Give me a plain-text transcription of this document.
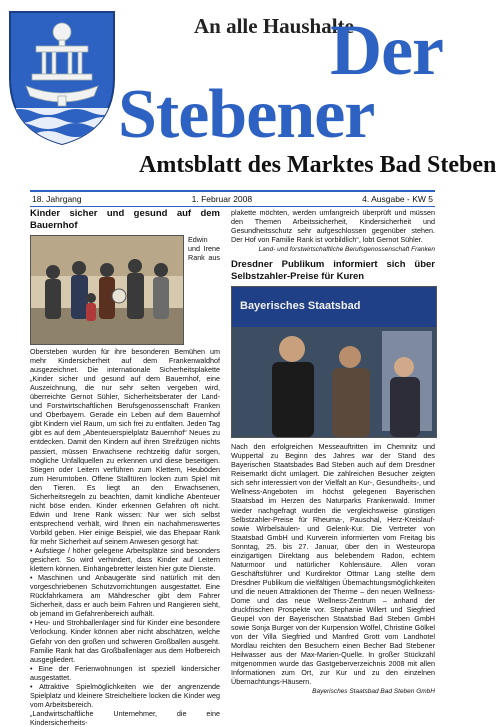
An alle Haushalte
Der
Stebener
Amtsblatt des Marktes Bad Steben
18. Jahrgang	1. Februar 2008	4. Ausgabe - KW 5
Kinder sicher und gesund auf dem Bauernhof

Edwin und Irene Rank aus Obersteben wurden für ihre besonderen Bemühen um mehr Kindersicherheit auf dem Frankenwaldhof ausgezeichnet. Die internationale Sicherheitsplakette „Kinder sicher und gesund auf dem Bauernhof, eine Auszeichnung, die nur sehr selten vergeben wird, überreichte Gernot Sühler, Sicherheitsberater der Land- und Forstwirtschaftlichen Berufsgenossenschaft Franken und Oberbayern. Gerade ein Leben auf dem Bauernhof gibt Kindern viel Raum, um sich frei zu entfalten. Jeden Tag gibt es auf dem „Abenteuerspielplatz Bauernhof“ Neues zu entdecken. Damit den Kindern auf ihren Streifzügen nichts passiert, müssen Erwachsene rechtzeitig dafür sorgen, mögliche Unfallquellen zu erkennen und diese beseitigen. Stiegen oder Leitern verführen zum Klettern, Heuböden zum Herumtoben. Offene Stalltüren locken zum Spiel mit den Tieren. Es liegt an den Erwachsenen, Sicherheitsregeln zu beachten, damit kindliche Abenteuer nicht böse enden. Kinder erkennen Gefahren oft nicht. Edwin und Irene Rank wissen: Nur wer sich selbst entsprechend verhält, wird Ihnen ein nachahmenswertes Vorbild geben. Hier einige Beispiel, wie das Ehepaar Rank für mehr Sicherheit auf seinem Anwesen gesorgt hat:

• Aufstiege / höher gelegene Arbeitsplätze sind besonders gesichert. So wird verhindert, dass Kinder auf Leitern klettern können. Einhängebretter leisten hier gute Dienste.

• Maschinen und Anbaugeräte sind natürlich mit den vorgeschriebenen Schutzvorrichtungen ausgestattet. Eine Rückfahrkamera am Mähdrescher gibt dem Fahrer Sicherheit, dass er auch beim Fahren und Rangieren sieht, ob jemand im Gefahrenbereich aufhält.

• Heu- und Strohballenlager sind für Kinder eine besondere Verlockung. Kinder können aber nicht abschätzen, welche Gefahr von den großen und schweren Großballen ausgeht. Familie Rank hat das Großballenlager aus dem Hofbereich ausgegliedert.

• Eine der Ferienwohnungen ist speziell kindersicher ausgestattet.

• Attraktive Spielmöglichkeiten wie der angrenzende Spielplatz und kleinere Streicheltiere locken die Kinder weg vom Arbeitsbereich.

„Landwirtschaftliche Unternehmer, die eine Kindersicherheits-

plakette möchten, werden umfangreich überprüft und müssen den Themen Arbeitssicherheit, Kindersicherheit und Gesundheitsschutz sehr aufgeschlossen gegenüber stehen. Der Hof von Familie Rank ist vorbildlich“, lobt Gernot Sühler.

Land- und forstwirtschaftliche Berufsgenossenschaft Franken
Dresdner Publikum informiert sich über Selbstzahler-Preise für Kuren
Bayerisches Staatsbad

Nach den erfolgreichen Messeauftritten im Chemnitz und Wuppertal zu Beginn des Jahres war der Stand des Bayerischen Staatsbades Bad Steben auch auf dem Dresdner Reisemarkt dicht umlagert. Die zahlreichen Besucher zeigten sich sehr interessiert von der Vielfalt an Kur-, Gesundheits-, und Wellness-Angeboten im höchst gelegenen Bayerischen Staatsbad im Herzen des Naturparks Frankenwald. Immer wieder nachgefragt wurden die vergleichsweise günstigen Selbstzahler-Preise für Rheuma-, Pauschal, Herz-Kreislauf- sowie Wirbelsäulen- und Gelenk-Kur. Die Vertreter von Staatsbad GmbH und Kurverein informierten vom Freitag bis Sonntag, 25. bis 27. Januar, über den in Westeuropa einzigartigen Direktang aus belebendem Radon, echtem Naturmoor und natürlicher Kohlensäure. Allen voran Geschäftsführer und Kurdirektor Ottmar Lang stellte dem Dresdner Publikum die vielfältigen Übernachtungsmöglichkeiten und die neuen Attraktionen der Therme – den neuen Wellness-Dome und das neue Wellness-Zentrum – anhand der druckfrischen Prospekte vor. Stephanie Willert und Siegfried Geupel von der Bayerischen Staatsbad Bad Steben GmbH sowie Sonja Burger von der Kurpension Wölfel, Christine Gölkel von der Villa Siegfried und Manfred Grott vom Landhotel Mordlau reichten den Besuchern einen Becher Bad Stebener Heilwasser aus der Max-Marien-Quelle. In großer Stückzahl mitgenommen wurde das Gastgeberverzeichnis 2008 mit allen Informationen zum Ort, zur Kur und zu den einzelnen Übernachtungs-Häusern.

Bayerisches Staatsbad Bad Steben GmbH
